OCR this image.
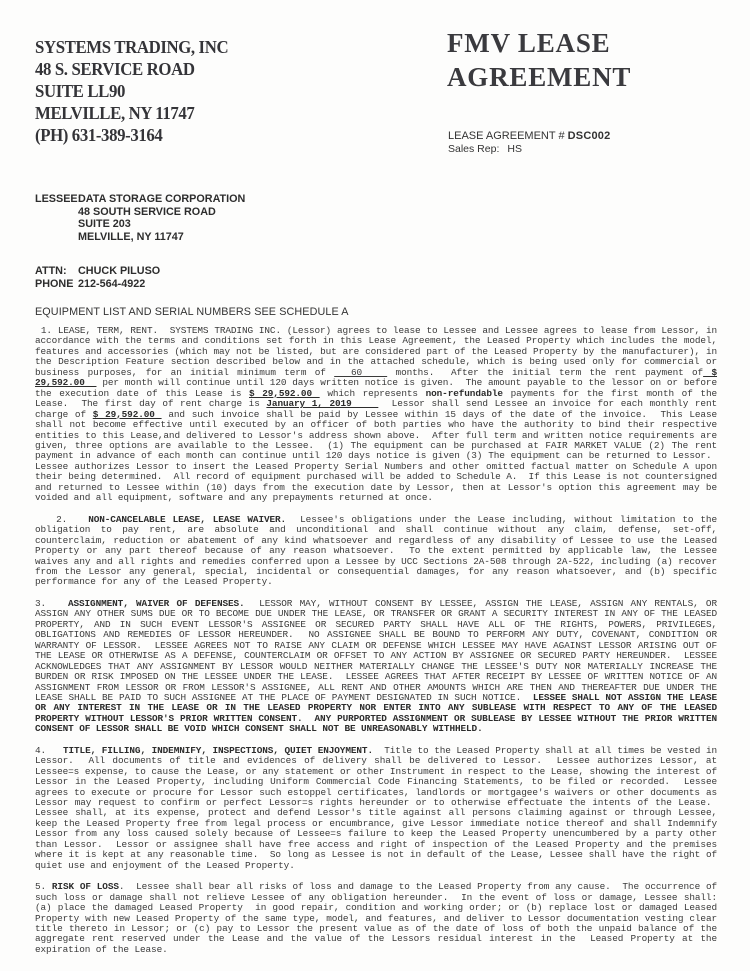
SYSTEMS TRADING, INC
48 S. SERVICE ROAD
SUITE LL90
MELVILLE, NY 11747
(PH) 631-389-3164
FMV LEASE
AGREEMENT
LEASE AGREEMENT # DSC002
Sales Rep: HS
LESSEE:
DATA STORAGE CORPORATION
48 SOUTH SERVICE ROAD
SUITE 203
MELVILLE, NY 11747
ATTN:	CHUCK PILUSO
PHONE 212-564-4922
EQUIPMENT LIST AND SERIAL NUMBERS SEE SCHEDULE A

1. LEASE, TERM, RENT.  SYSTEMS TRADING INC. (Lessor) agrees to lease to Lessee and Lessee agrees to lease from Lessor, in accordance with the terms and conditions set forth in this Lease Agreement, the Leased Property which includes the model, features and accessories (which may not be listed, but are considered part of the Leased Property by the manufacturer), in the Description Feature section described below and in the attached schedule, which is being used only for commercial or business purposes, for an initial minimum term of   60    months.  After the initial term the rent payment of $ 29,592.00   per month will continue until 120 days written notice is given.  The amount payable to the lessor on or before the execution date of this Lease is $ 29,592.00  which represents non-refundable payments for the first month of the Lease.  The first day of rent charge is January 1, 2019      Lessor shall send Lessee an invoice for each monthly rent charge of $ 29,592.00  and such invoice shall be paid by Lessee within 15 days of the date of the invoice.  This Lease shall not become effective until executed by an officer of both parties who have the authority to bind their respective entities to this Lease,and delivered to Lessor's address shown above.  After full term and written notice requirements are given, three options are available to the Lessee.  (1) The equipment can be purchased at FAIR MARKET VALUE (2) The rent payment in advance of each month can continue until 120 days notice is given (3) The equipment can be returned to Lessor.  Lessee authorizes Lessor to insert the Leased Property Serial Numbers and other omitted factual matter on Schedule A upon their being determined.  All record of equipment purchased will be added to Schedule A.  If this Lease is not countersigned and returned to Lessee within (10) days from the execution date by Lessor, then at Lessor's option this agreement may be voided and all equipment, software and any prepayments returned at once.

2.   NON-CANCELABLE LEASE, LEASE WAIVER.  Lessee's obligations under the Lease including, without limitation to the obligation to pay rent, are absolute and unconditional and shall continue without any claim, defense, set-off, counterclaim, reduction or abatement of any kind whatsoever and regardless of any disability of Lessee to use the Leased Property or any part thereof because of any reason whatsoever.  To the extent permitted by applicable law, the Lessee waives any and all rights and remedies conferred upon a Lessee by UCC Sections 2A-508 through 2A-522, including (a) recover from the Lessor any general, special, incidental or consequential damages, for any reason whatsoever, and (b) specific performance for any of the Leased Property.

3.   ASSIGNMENT, WAIVER OF DEFENSES.  LESSOR MAY, WITHOUT CONSENT BY LESSEE, ASSIGN THE LEASE, ASSIGN ANY RENTALS, OR ASSIGN ANY OTHER SUMS DUE OR TO BECOME DUE UNDER THE LEASE, OR TRANSFER OR GRANT A SECURITY INTEREST IN ANY OF THE LEASED PROPERTY, AND IN SUCH EVENT LESSOR'S ASSIGNEE OR SECURED PARTY SHALL HAVE ALL OF THE RIGHTS, POWERS, PRIVILEGES, OBLIGATIONS AND REMEDIES OF LESSOR HEREUNDER.  NO ASSIGNEE SHALL BE BOUND TO PERFORM ANY DUTY, COVENANT, CONDITION OR WARRANTY OF LESSOR.  LESSEE AGREES NOT TO RAISE ANY CLAIM OR DEFENSE WHICH LESSEE MAY HAVE AGAINST LESSOR ARISING OUT OF THE LEASE OR OTHERWISE AS A DEFENSE, COUNTERCLAIM OR OFFSET TO ANY ACTION BY ASSIGNEE OR SECURED PARTY HEREUNDER.  LESSEE ACKNOWLEDGES THAT ANY ASSIGNMENT BY LESSOR WOULD NEITHER MATERIALLY CHANGE THE LESSEE'S DUTY NOR MATERIALLY INCREASE THE BURDEN OR RISK IMPOSED ON THE LESSEE UNDER THE LEASE.  LESSEE AGREES THAT AFTER RECEIPT BY LESSEE OF WRITTEN NOTICE OF AN ASSIGNMENT FROM LESSOR OR FROM LESSOR'S ASSIGNEE, ALL RENT AND OTHER AMOUNTS WHICH ARE THEN AND THEREAFTER DUE UNDER THE LEASE SHALL BE PAID TO SUCH ASSIGNEE AT THE PLACE OF PAYMENT DESIGNATED IN SUCH NOTICE.  LESSEE SHALL NOT ASSIGN THE LEASE OR ANY INTEREST IN THE LEASE OR IN THE LEASED PROPERTY NOR ENTER INTO ANY SUBLEASE WITH RESPECT TO ANY OF THE LEASED PROPERTY WITHOUT LESSOR'S PRIOR WRITTEN CONSENT.  ANY PURPORTED ASSIGNMENT OR SUBLEASE BY LESSEE WITHOUT THE PRIOR WRITTEN CONSENT OF LESSOR SHALL BE VOID WHICH CONSENT SHALL NOT BE UNREASONABLY WITHHELD.

4.   TITLE, FILLING, INDEMNIFY, INSPECTIONS, QUIET ENJOYMENT.  Title to the Leased Property shall at all times be vested in Lessor.  All documents of title and evidences of delivery shall be delivered to Lessor.  Lessee authorizes Lessor, at Lessee=s expense, to cause the Lease, or any statement or other Instrument in respect to the Lease, showing the interest of Lessor in the Leased Property, including Uniform Commercial Code Financing Statements, to be filed or recorded.  Lessee agrees to execute or procure for Lessor such estoppel certificates, landlords or mortgagee's waivers or other documents as Lessor may request to confirm or perfect Lessor=s rights hereunder or to otherwise effectuate the intents of the Lease.  Lessee shall, at its expense, protect and defend Lessor's title against all persons claiming against or through Lessee, keep the Leased Property free from legal process or encumbrance, give Lessor immediate notice thereof and shall Indemnify Lessor from any loss caused solely because of Lessee=s failure to keep the Leased Property unencumbered by a party other than Lessor.  Lessor or assignee shall have free access and right of inspection of the Leased Property and the premises where it is kept at any reasonable time.  So long as Lessee is not in default of the Lease, Lessee shall have the right of quiet use and enjoyment of the Leased Property.

5. RISK OF LOSS.  Lessee shall bear all risks of loss and damage to the Leased Property from any cause.  The occurrence of such loss or damage shall not relieve Lessee of any obligation hereunder.  In the event of loss or damage, Lessee shall: (a) place the damaged Leased Property  in good repair, condition and working order; or (b) replace lost or damaged Leased Property with new Leased Property of the same type, model, and features, and deliver to Lessor documentation vesting clear title thereto in Lessor; or (c) pay to Lessor the present value as of the date of loss of both the unpaid balance of the aggregate rent reserved under the Lease and the value of the Lessors residual interest in the  Leased Property at the expiration of the Lease.
